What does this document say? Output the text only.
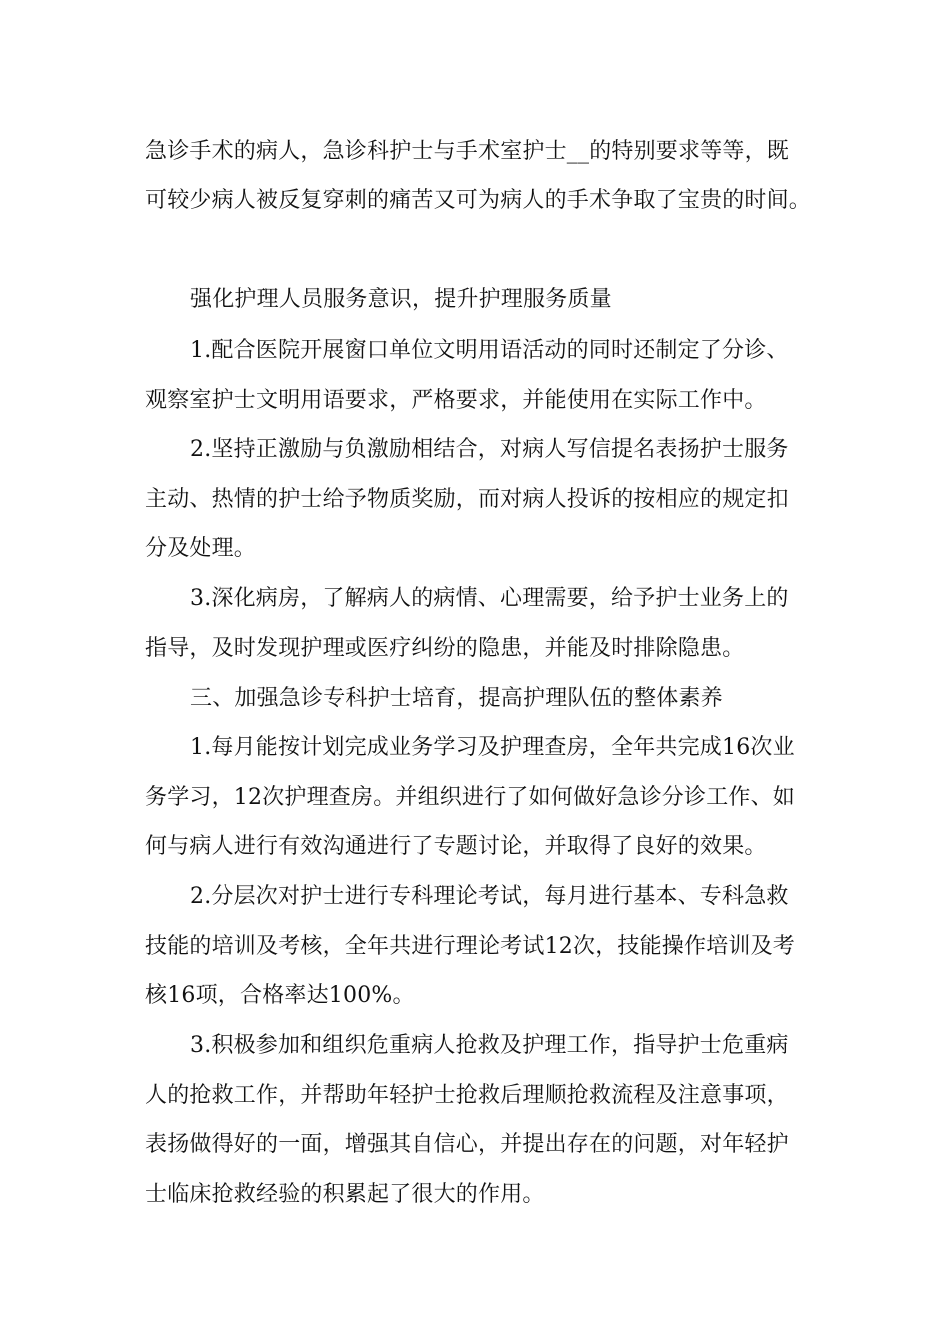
急诊手术的病人，急诊科护士与手术室护士__的特别要求等等，既
可较少病人被反复穿刺的痛苦又可为病人的手术争取了宝贵的时间。
强化护理人员服务意识，提升护理服务质量
1.配合医院开展窗口单位文明用语活动的同时还制定了分诊、
观察室护士文明用语要求，严格要求，并能使用在实际工作中。
2.坚持正激励与负激励相结合，对病人写信提名表扬护士服务
主动、热情的护士给予物质奖励，而对病人投诉的按相应的规定扣
分及处理。
3.深化病房，了解病人的病情、心理需要，给予护士业务上的
指导，及时发现护理或医疗纠纷的隐患，并能及时排除隐患。
三、加强急诊专科护士培育，提高护理队伍的整体素养
1.每月能按计划完成业务学习及护理查房，全年共完成16次业
务学习，12次护理查房。并组织进行了如何做好急诊分诊工作、如
何与病人进行有效沟通进行了专题讨论，并取得了良好的效果。
2.分层次对护士进行专科理论考试，每月进行基本、专科急救
技能的培训及考核，全年共进行理论考试12次，技能操作培训及考
核16项，合格率达100%。
3.积极参加和组织危重病人抢救及护理工作，指导护士危重病
人的抢救工作，并帮助年轻护士抢救后理顺抢救流程及注意事项，
表扬做得好的一面，增强其自信心，并提出存在的问题，对年轻护
士临床抢救经验的积累起了很大的作用。
